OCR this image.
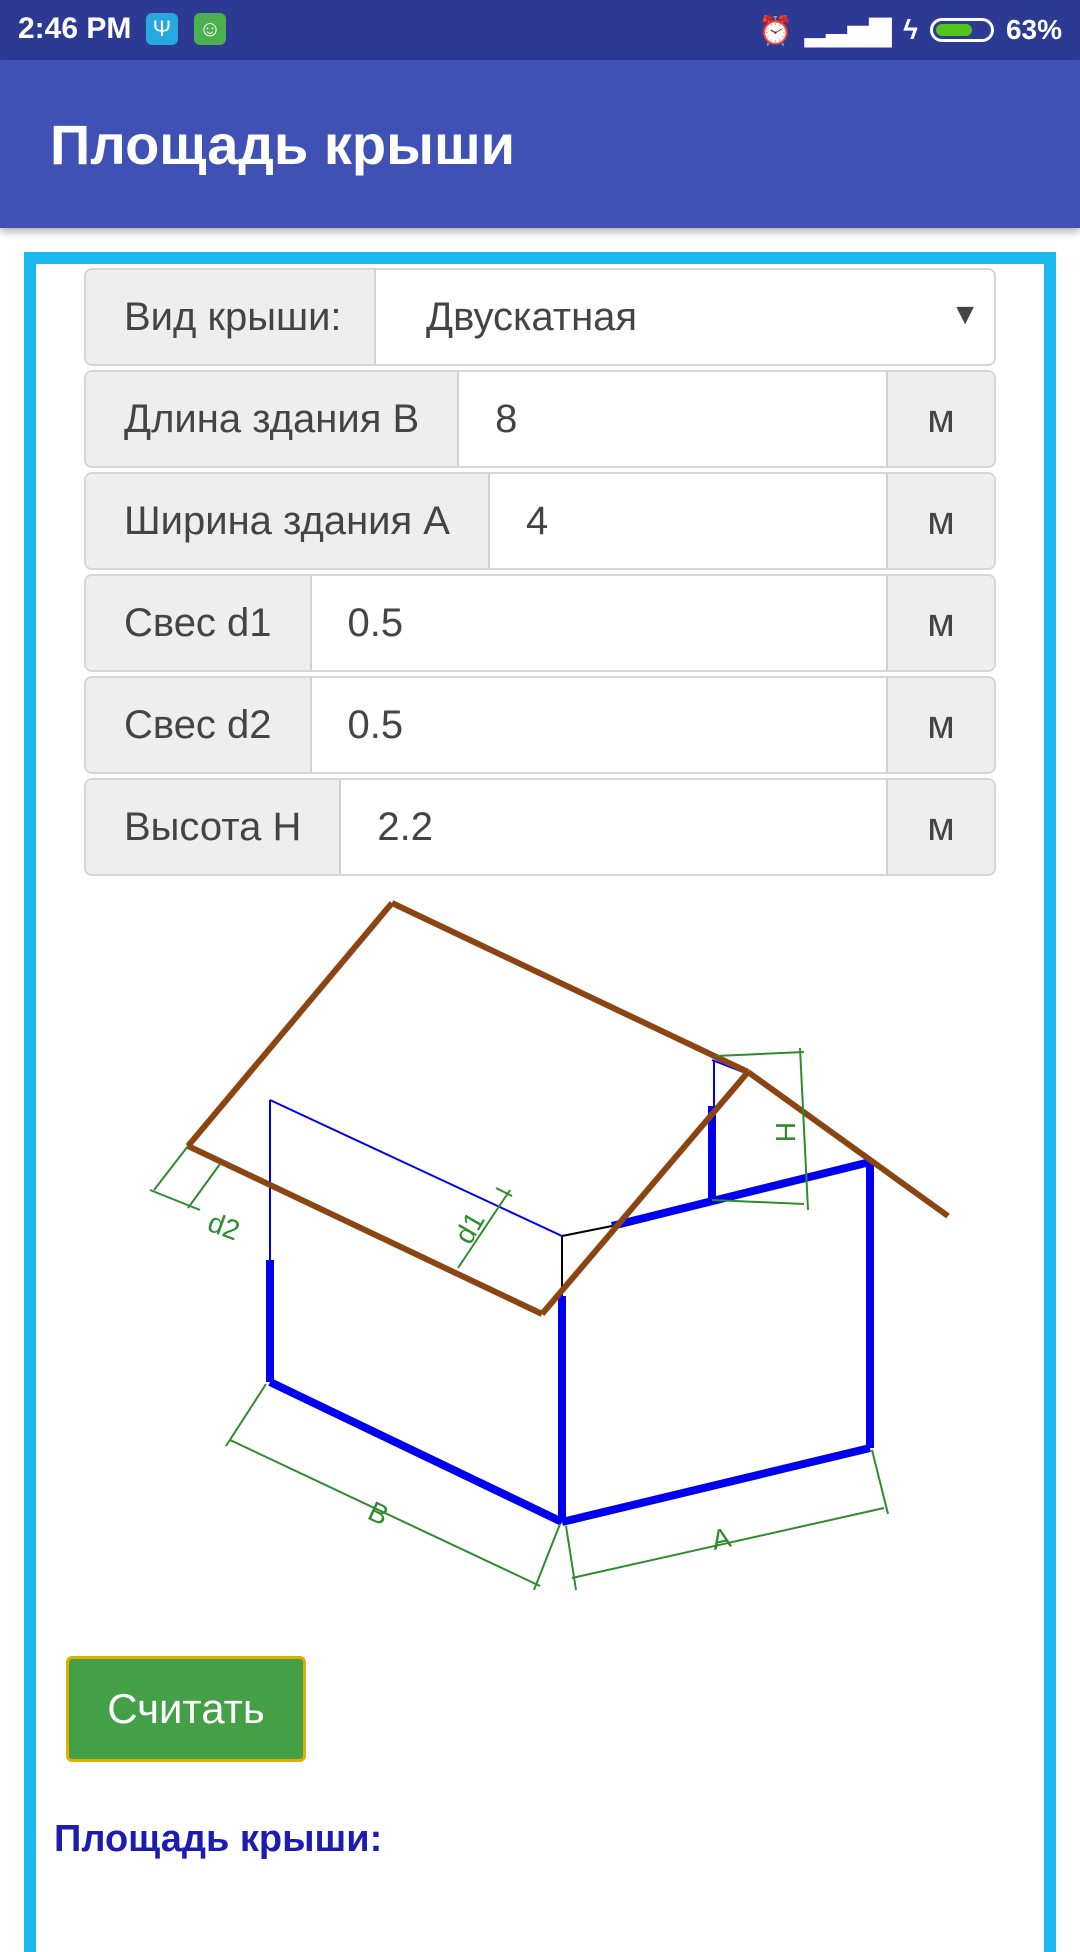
2:46 PM Ψ	☺	⏰ ▂▃▅▇ ϟ	63%
Площадь крыши
Вид крыши:	Двускатная	▼
Длина здания B	8	м
Ширина здания A	4	м
Свес d1	0.5	м
Свес d2	0.5	м
Высота H	2.2	м
d2	d1
H
B
A
Считать
Площадь крыши:
